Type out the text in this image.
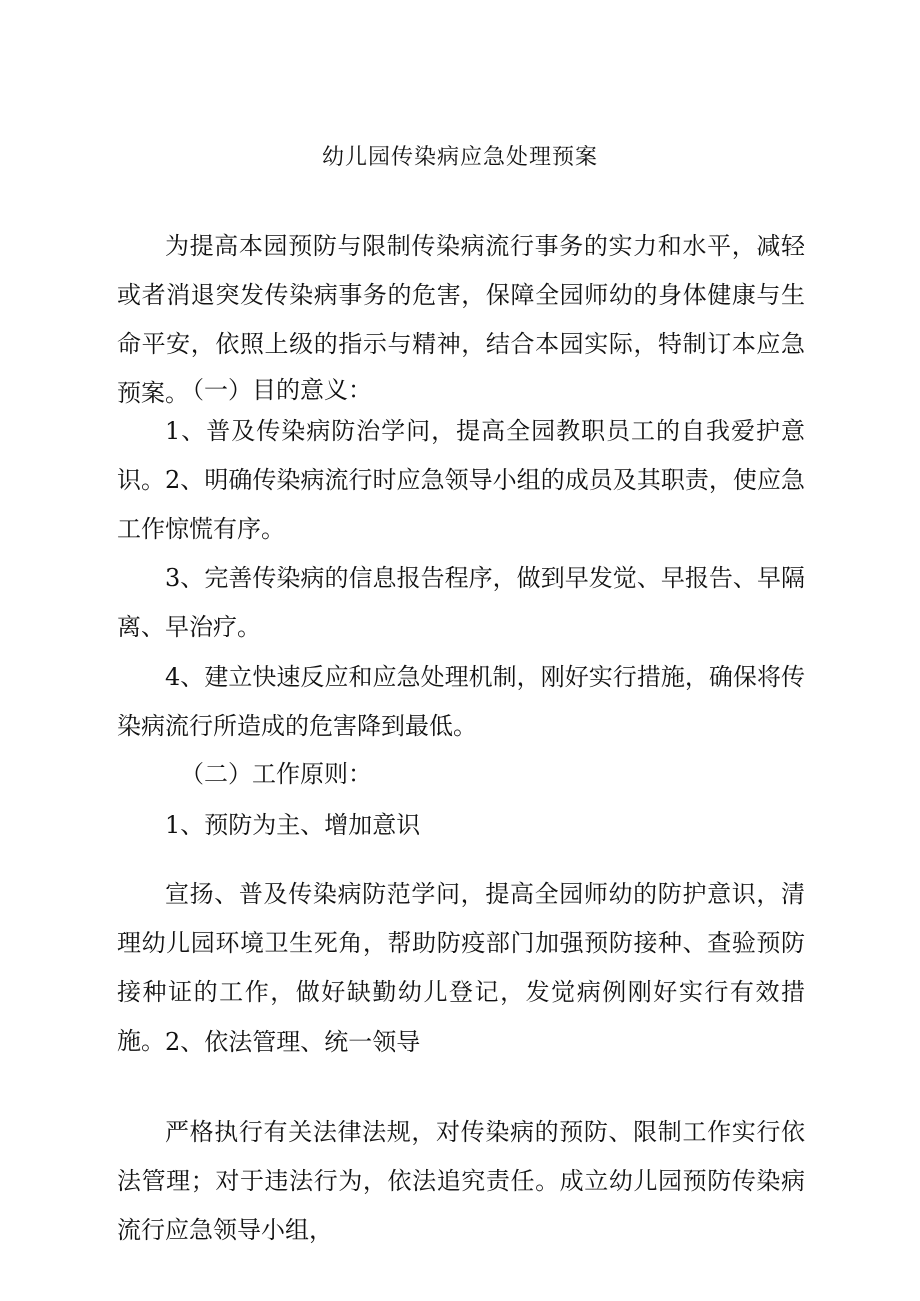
幼儿园传染病应急处理预案

为提高本园预防与限制传染病流行事务的实力和水平，减轻或者消退突发传染病事务的危害，保障全园师幼的身体健康与生命平安，依照上级的指示与精神，结合本园实际，特制订本应急预案。

（一）目的意义：

1、普及传染病防治学问，提高全园教职员工的自我爱护意识。 2、明确传染病流行时应急领导小组的成员及其职责，使应急工作惊慌有序。

3、完善传染病的信息报告程序，做到早发觉、早报告、早隔离、早治疗。

4、建立快速反应和应急处理机制，刚好实行措施，确保将传染病流行所造成的危害降到最低。

（二）工作原则：
1、预防为主、增加意识

宣扬、普及传染病防范学问，提高全园师幼的防护意识，清理幼儿园环境卫生死角，帮助防疫部门加强预防接种、查验预防接种证的工作，做好缺勤幼儿登记，发觉病例刚好实行有效措施。 2、依法管理、统一领导

严格执行有关法律法规，对传染病的预防、限制工作实行依法管理；对于违法行为，依法追究责任。成立幼儿园预防传染病流行应急领导小组，
